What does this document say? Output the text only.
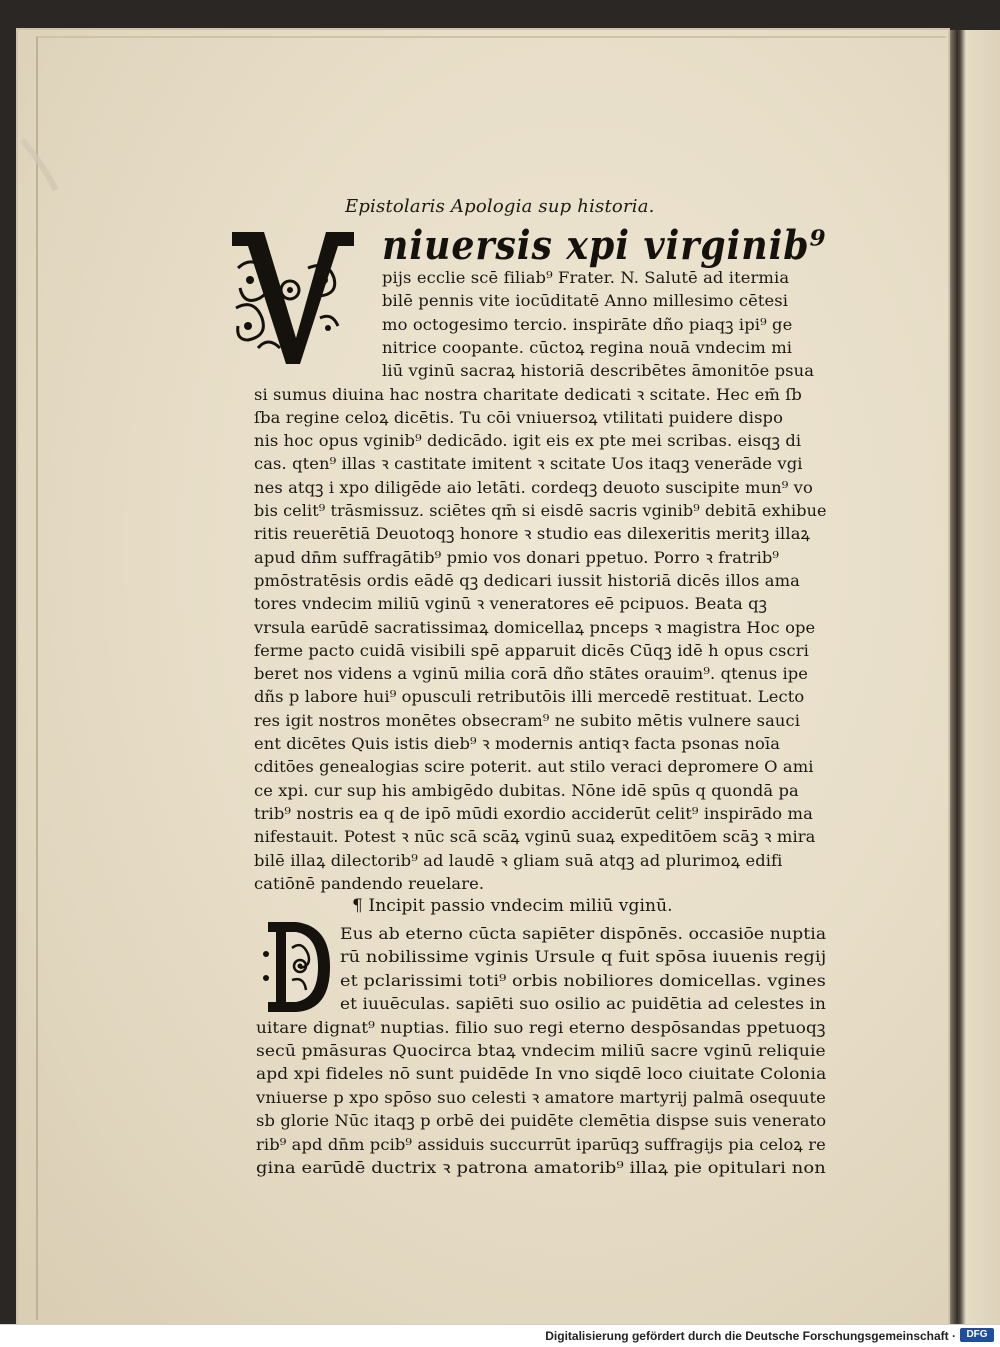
Epistolaris Apologia sup historia.
niuersis xpi virginib⁹
pijs ecclie scē filiab⁹ Frater. N. Salutē ad itermia
bilē pennis vite iocūditatē Anno millesimo cētesi
mo octogesimo tercio. inspirāte dño piaqꝫ ipi⁹ ge
nitrice coopante. cūctoꝝ regina nouā vndecim mi
liū vginū sacraꝝ historiā describētes āmonitōe psua
si sumus diuina hac nostra charitate dedicati ꝛ scitate. Hec em̄ ſb
ſba regine celoꝝ dicētis. Tu cōi vniuersoꝝ vtilitati puidere dispo
nis hoc opus vginib⁹ dedicādo. igit eis ex pte mei scribas. eisqꝫ di
cas. qten⁹ illas ꝛ castitate imitent ꝛ scitate Uos itaqꝫ venerāde vgi
nes atqꝫ i xpo diligēde aio letāti. cordeqꝫ deuoto suscipite mun⁹ vo
bis celit⁹ trāsmissuz. sciētes qm̄ si eisdē sacris vginib⁹ debitā exhibue
ritis reuerētiā Deuotoqꝫ honore ꝛ studio eas dilexeritis meritꝫ illaꝝ
apud dn̄m suffragātib⁹ pmio vos donari ppetuo. Porro ꝛ fratrib⁹
pmōstratēsis ordis eādē qꝫ dedicari iussit historiā dicēs illos ama
tores vndecim miliū vginū ꝛ veneratores eē pcipuos. Beata qꝫ
vrsula earūdē sacratissimaꝝ domicellaꝝ pnceps ꝛ magistra Hoc ope
ferme pacto cuidā visibili spē apparuit dicēs Cūqꝫ idē h opus cscri
beret nos videns a vginū milia corā dño stātes orauim⁹. qtenus ipe
dñs p labore hui⁹ opusculi retributōis illi mercedē restituat. Lecto
res igit nostros monētes obsecram⁹ ne subito mētis vulnere sauci
ent dicētes Quis istis dieb⁹ ꝛ modernis antiqꝛ facta psonas noīa
cditōes genealogias scire poterit. aut stilo veraci depromere O ami
ce xpi. cur sup his ambigēdo dubitas. Nōne idē spūs q quondā pa
trib⁹ nostris ea q de ipō mūdi exordio acciderūt celit⁹ inspirādo ma
nifestauit. Potest ꝛ nūc scā scāꝝ vginū suaꝝ expeditōem scāꝫ ꝛ mira
bilē illaꝝ dilectorib⁹ ad laudē ꝛ gliam suā atqꝫ ad plurimoꝝ edifi
catiōnē pandendo reuelare.
¶ Incipit passio vndecim miliū vginū.
Eus ab eterno cūcta sapiēter dispōnēs. occasiōe nuptia
rū nobilissime vginis Ursule q fuit spōsa iuuenis regij
et pclarissimi toti⁹ orbis nobiliores domicellas. vgines
et iuuēculas. sapiēti suo osilio ac puidētia ad celestes in
uitare dignat⁹ nuptias. filio suo regi eterno despōsandas ppetuoqꝫ
secū pmāsuras Quocirca btaꝝ vndecim miliū sacre vginū reliquie
apd xpi fideles nō sunt puidēde In vno siqdē loco ciuitate Colonia
vniuerse p xpo spōso suo celesti ꝛ amatore martyrij palmā osequute
sb glorie Nūc itaqꝫ p orbē dei puidēte clemētia dispse suis venerato
rib⁹ apd dn̄m pcib⁹ assiduis succurrūt iparūqꝫ suffragijs pia celoꝝ re
gina earūdē ductrix ꝛ patrona amatorib⁹ illaꝝ pie opitulari non
Digitalisierung gefördert durch die Deutsche Forschungsgemeinschaft ·	DFG
